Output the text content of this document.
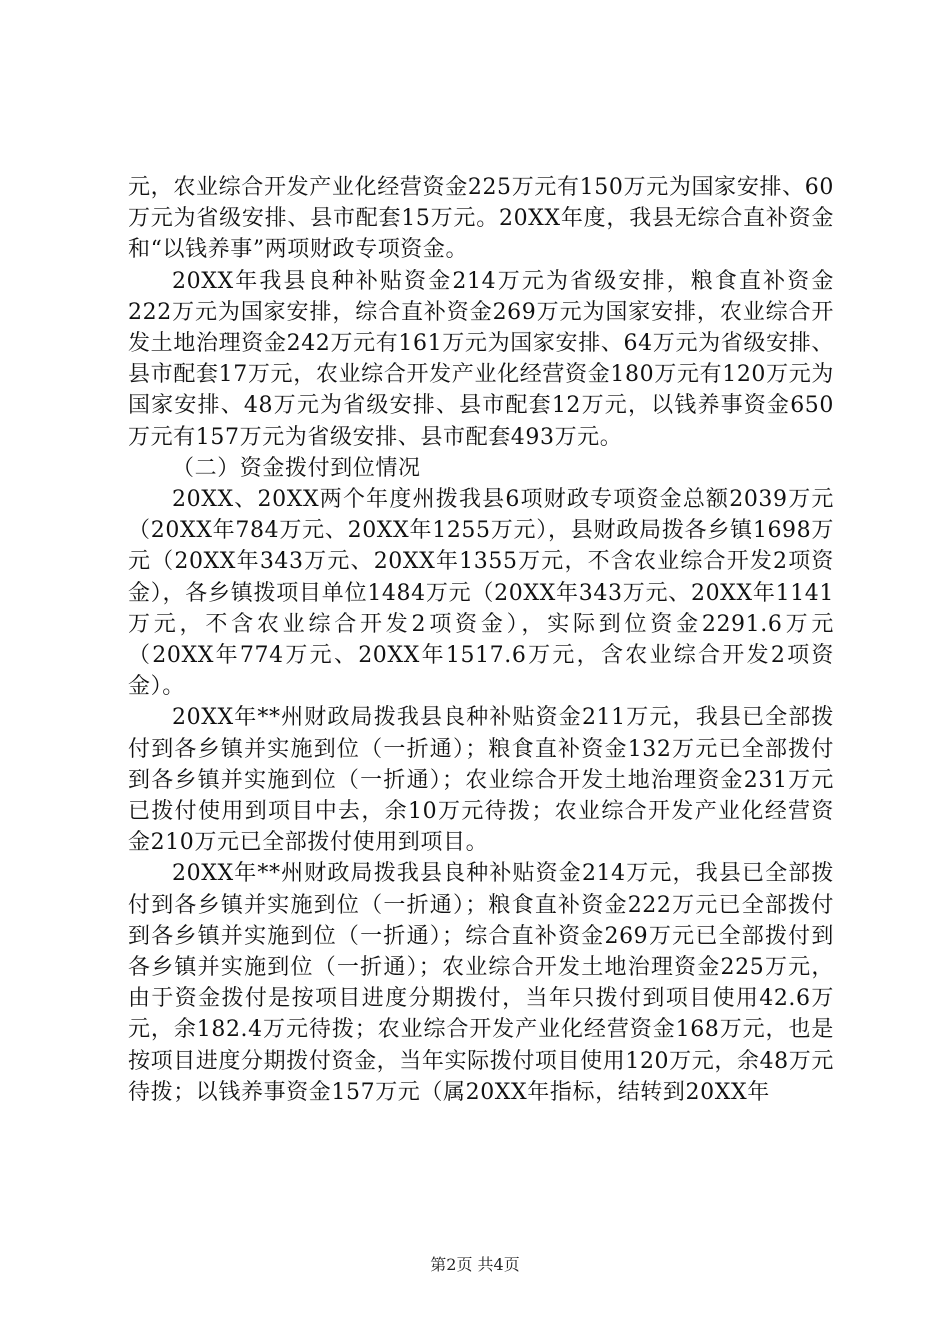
元，农业综合开发产业化经营资金225万元有150万元为国家安排、60万元为省级安排、县市配套15万元。20XX年度，我县无综合直补资金和“以钱养事”两项财政专项资金。

20XX年我县良种补贴资金214万元为省级安排，粮食直补资金222万元为国家安排，综合直补资金269万元为国家安排，农业综合开发土地治理资金242万元有161万元为国家安排、64万元为省级安排、县市配套17万元，农业综合开发产业化经营资金180万元有120万元为国家安排、48万元为省级安排、县市配套12万元，以钱养事资金650万元有157万元为省级安排、县市配套493万元。

（二）资金拨付到位情况

20XX、20XX两个年度州拨我县6项财政专项资金总额2039万元（20XX年784万元、20XX年1255万元），县财政局拨各乡镇1698万元（20XX年343万元、20XX年1355万元，不含农业综合开发2项资金），各乡镇拨项目单位1484万元（20XX年343万元、20XX年1141万元，不含农业综合开发2项资金），实际到位资金2291.6万元（20XX年774万元、20XX年1517.6万元，含农业综合开发2项资金）。

20XX年**州财政局拨我县良种补贴资金211万元，我县已全部拨付到各乡镇并实施到位（一折通）；粮食直补资金132万元已全部拨付到各乡镇并实施到位（一折通）；农业综合开发土地治理资金231万元已拨付使用到项目中去，余10万元待拨；农业综合开发产业化经营资金210万元已全部拨付使用到项目。

20XX年**州财政局拨我县良种补贴资金214万元，我县已全部拨付到各乡镇并实施到位（一折通）；粮食直补资金222万元已全部拨付到各乡镇并实施到位（一折通）；综合直补资金269万元已全部拨付到各乡镇并实施到位（一折通）；农业综合开发土地治理资金225万元，由于资金拨付是按项目进度分期拨付，当年只拨付到项目使用42.6万元，余182.4万元待拨；农业综合开发产业化经营资金168万元，也是按项目进度分期拨付资金，当年实际拨付项目使用120万元，余48万元待拨；以钱养事资金157万元（属20XX年指标，结转到20XX年

第2页 共4页
